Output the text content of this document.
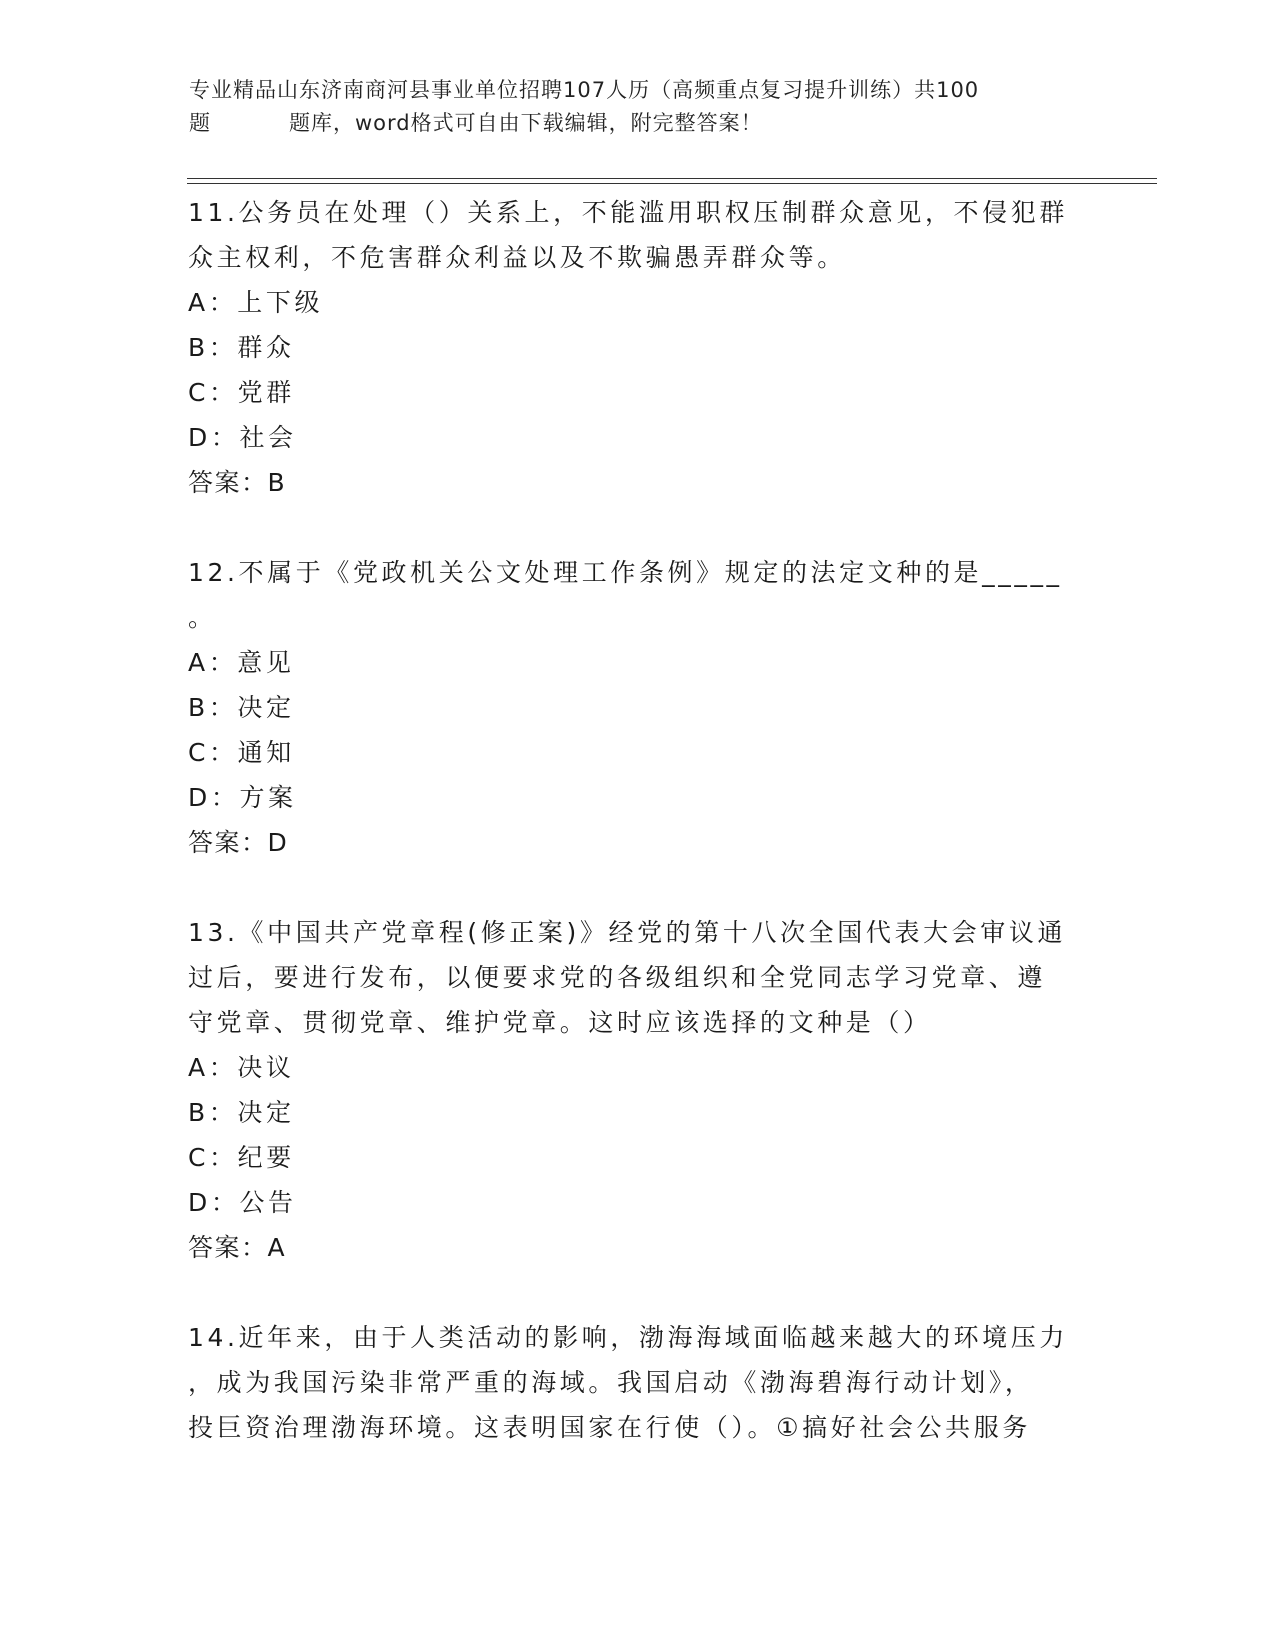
专业精品山东济南商河县事业单位招聘107人历（高频重点复习提升训练）共100
题	题库，word格式可自由下载编辑，附完整答案！

11.公务员在处理（）关系上，不能滥用职权压制群众意见，不侵犯群

众主权利，不危害群众利益以及不欺骗愚弄群众等。

A：上下级

B：群众

C：党群

D：社会

答案：B

12.不属于《党政机关公文处理工作条例》规定的法定文种的是_____

。

A：意见

B：决定

C：通知

D：方案

答案：D

13.《中国共产党章程(修正案)》经党的第十八次全国代表大会审议通

过后，要进行发布，以便要求党的各级组织和全党同志学习党章、遵

守党章、贯彻党章、维护党章。这时应该选择的文种是（）

A：决议

B：决定

C：纪要

D：公告

答案：A

14.近年来，由于人类活动的影响，渤海海域面临越来越大的环境压力

，成为我国污染非常严重的海域。我国启动《渤海碧海行动计划》，

投巨资治理渤海环境。这表明国家在行使（）。①搞好社会公共服务
